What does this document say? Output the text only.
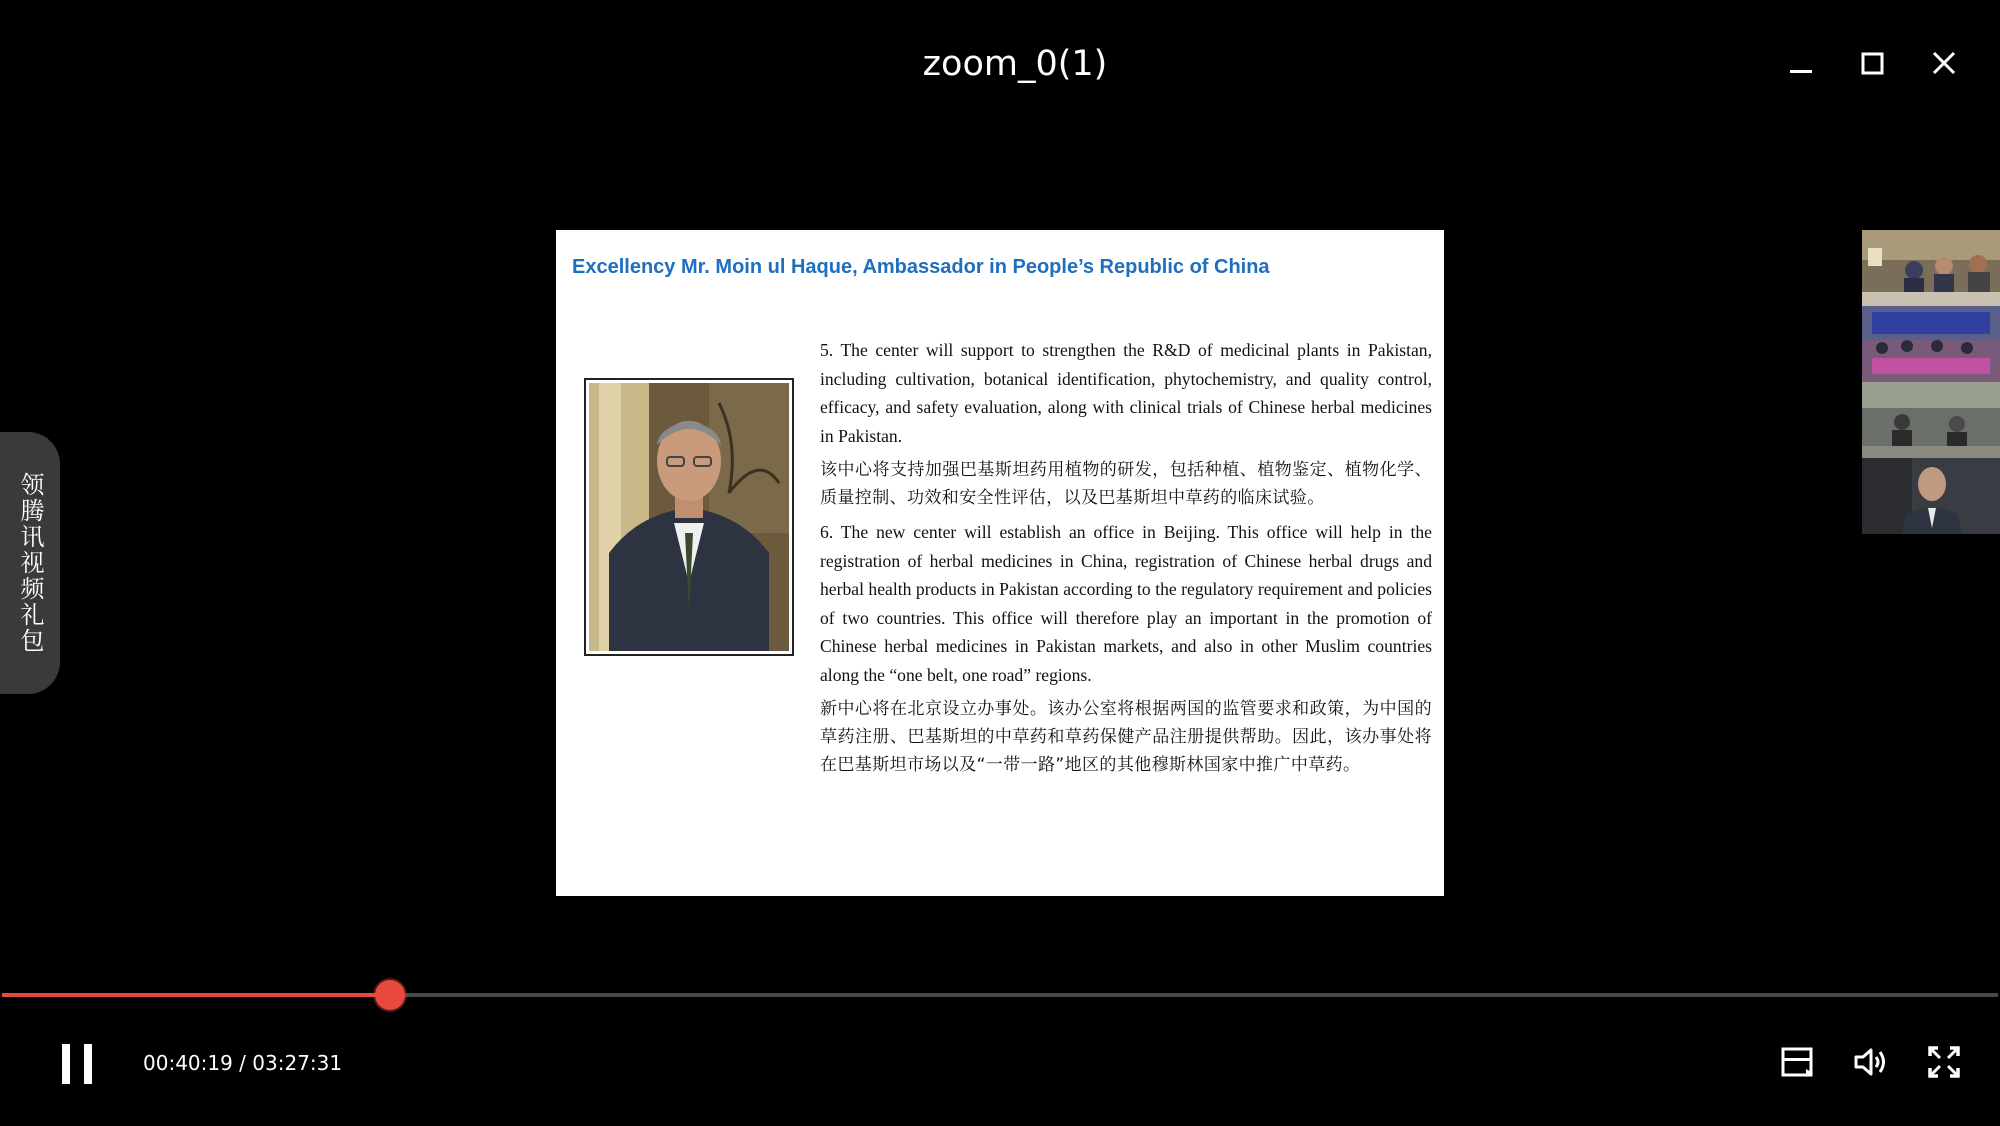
zoom_0(1)
领腾讯视频礼包
Excellency Mr. Moin ul Haque, Ambassador in People’s Republic of China

5. The center will support to strengthen the R&D of medicinal plants in Pakistan, including cultivation, botanical identification, phytochemistry, and quality control, efficacy, and safety evaluation, along with clinical trials of Chinese herbal medicines in Pakistan.

该中心将支持加强巴基斯坦药用植物的研发，包括种植、植物鉴定、植物化学、质量控制、功效和安全性评估，以及巴基斯坦中草药的临床试验。

6. The new center will establish an office in Beijing. This office will help in the registration of herbal medicines in China, registration of Chinese herbal drugs and herbal health products in Pakistan according to the regulatory requirement and policies of two countries. This office will therefore play an important in the promotion of Chinese herbal medicines in Pakistan markets, and also in other Muslim countries along the “one belt, one road” regions.

新中心将在北京设立办事处。该办公室将根据两国的监管要求和政策，为中国的草药注册、巴基斯坦的中草药和草药保健产品注册提供帮助。因此，该办事处将在巴基斯坦市场以及“一带一路”地区的其他穆斯林国家中推广中草药。

00:40:19 / 03:27:31
